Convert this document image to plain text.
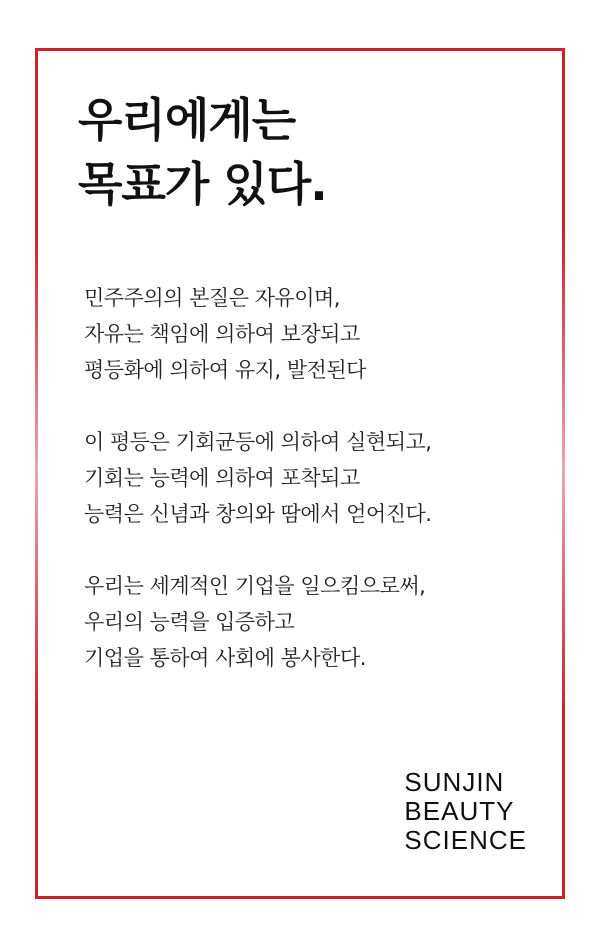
우리에게는
목표가 있다.

민주주의의 본질은 자유이며,
자유는 책임에 의하여 보장되고
평등화에 의하여 유지, 발전된다

이 평등은 기회균등에 의하여 실현되고,
기회는 능력에 의하여 포착되고
능력은 신념과 창의와 땀에서 얻어진다.

우리는 세계적인 기업을 일으킴으로써,
우리의 능력을 입증하고
기업을 통하여 사회에 봉사한다.

SUNJIN
BEAUTY
SCIENCE
